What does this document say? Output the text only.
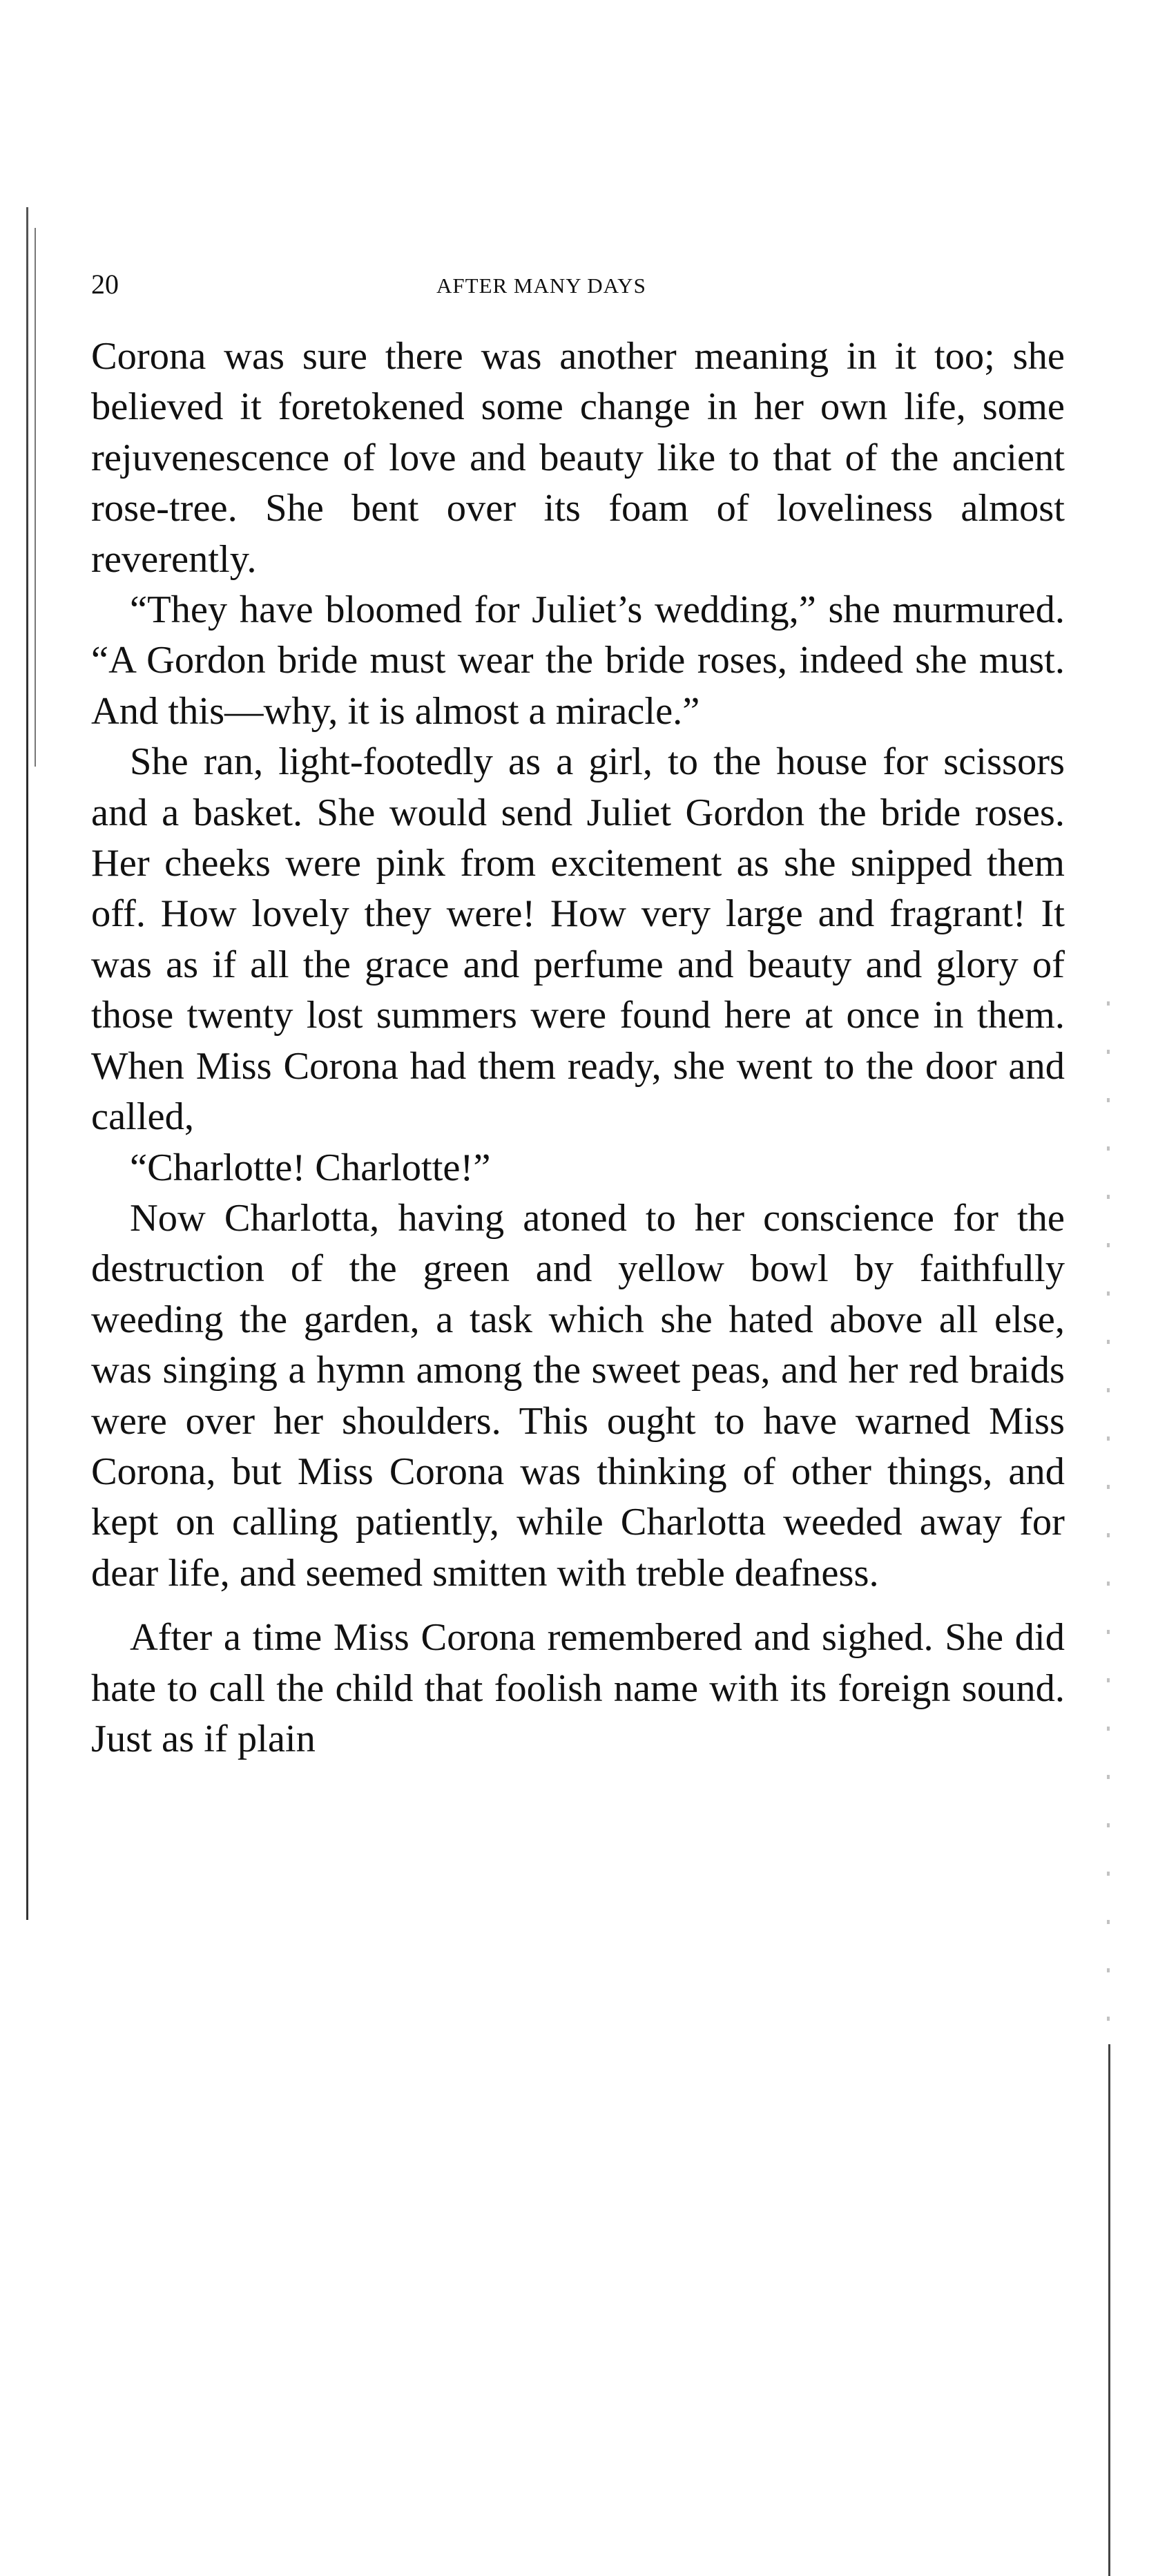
20	AFTER MANY DAYS

Corona was sure there was another meaning in it too; she believed it foretokened some change in her own life, some rejuvenescence of love and beauty like to that of the ancient rose-tree. She bent over its foam of loveliness almost reverently.

“They have bloomed for Juliet’s wedding,” she murmured. “A Gordon bride must wear the bride roses, indeed she must. And this—why, it is almost a miracle.”

She ran, light-footedly as a girl, to the house for scissors and a basket. She would send Juliet Gordon the bride roses. Her cheeks were pink from excitement as she snipped them off. How lovely they were! How very large and fragrant! It was as if all the grace and perfume and beauty and glory of those twenty lost summers were found here at once in them. When Miss Corona had them ready, she went to the door and called,

“Charlotte! Charlotte!”

Now Charlotta, having atoned to her conscience for the destruction of the green and yellow bowl by faithfully weeding the garden, a task which she hated above all else, was singing a hymn among the sweet peas, and her red braids were over her shoulders. This ought to have warned Miss Corona, but Miss Corona was thinking of other things, and kept on calling patiently, while Charlotta weeded away for dear life, and seemed smitten with treble deafness.

After a time Miss Corona remembered and sighed. She did hate to call the child that foolish name with its foreign sound. Just as if plain
